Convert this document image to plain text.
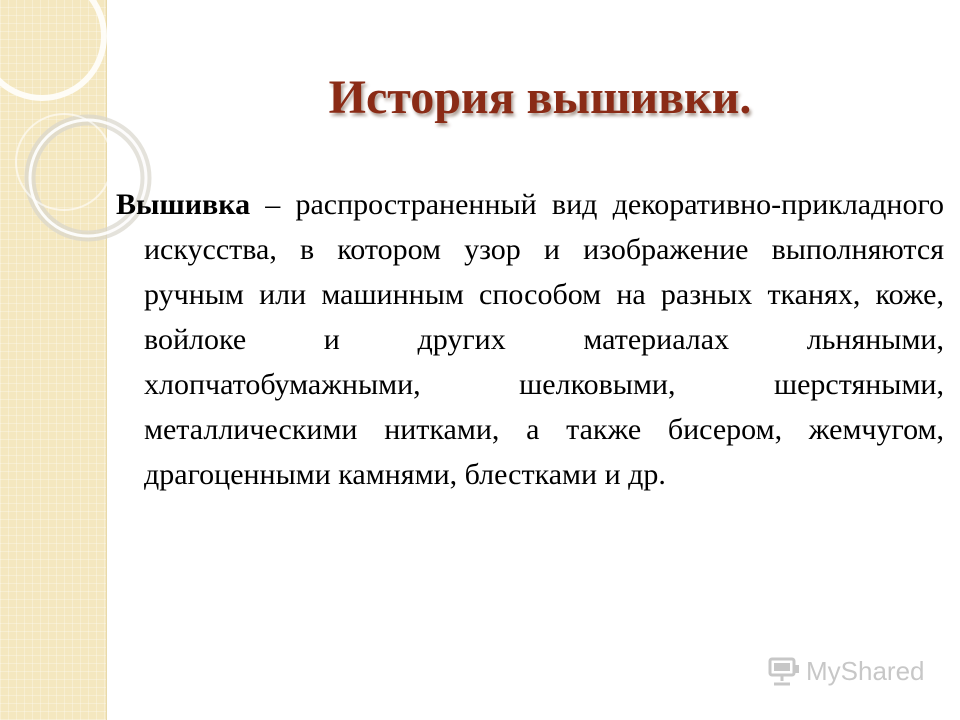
История вышивки.

Вышивка – распространенный вид декоративно-прикладного искусства, в котором узор и изображение выполняются ручным или машинным способом на разных тканях, коже, войлоке и других материалах льняными, хлопчатобумажными, шелковыми, шерстяными, металлическими нитками, а также бисером, жемчугом, драгоценными камнями, блестками и др.

MyShared
